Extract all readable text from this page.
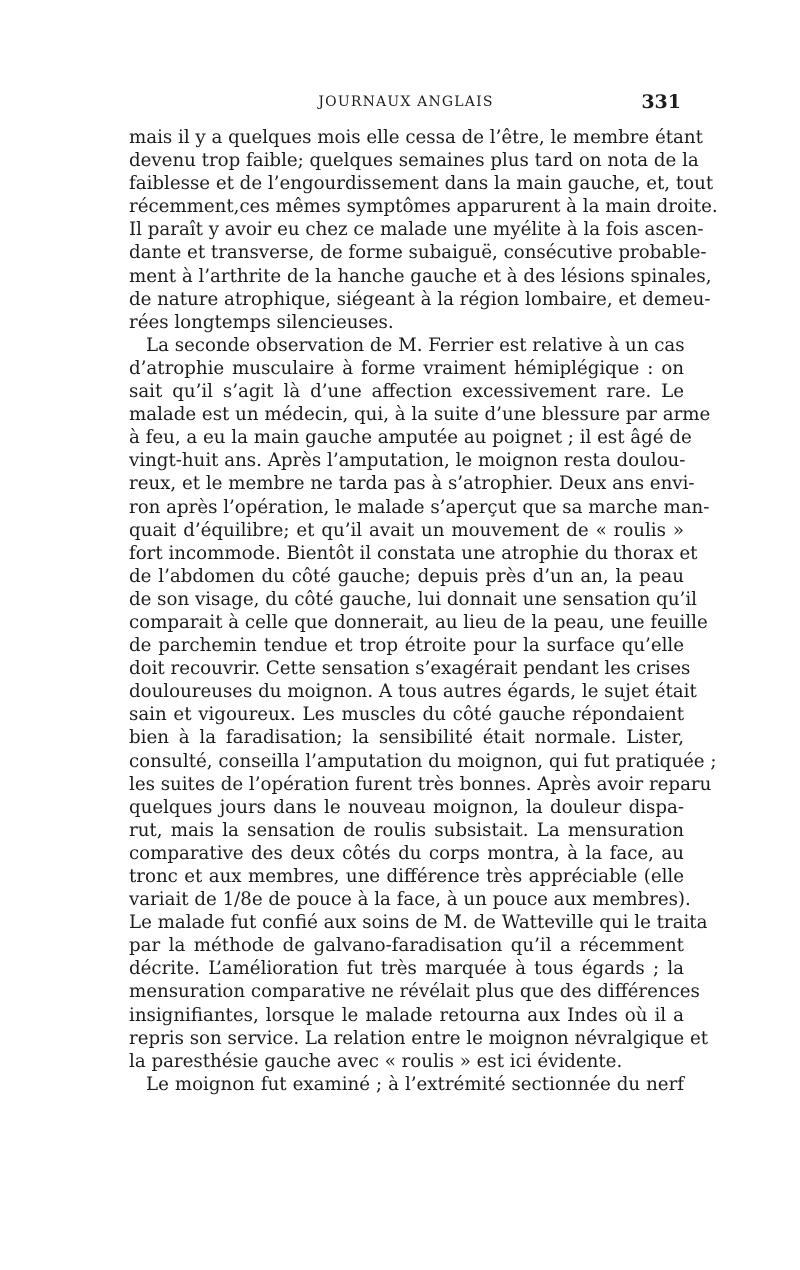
JOURNAUX ANGLAIS	331
mais il y a quelques mois elle cessa de l’être, le membre étant
devenu trop faible; quelques semaines plus tard on nota de la
faiblesse et de l’engourdissement dans la main gauche, et, tout
récemment,ces mêmes symptômes apparurent à la main droite.
Il paraît y avoir eu chez ce malade une myélite à la fois ascen-
dante et transverse, de forme subaiguë, consécutive probable-
ment à l’arthrite de la hanche gauche et à des lésions spinales,
de nature atrophique, siégeant à la région lombaire, et demeu-
rées longtemps silencieuses.
La seconde observation de M. Ferrier est relative à un cas
d’atrophie musculaire à forme vraiment hémiplégique : on
sait qu’il s’agit là d’une affection excessivement rare. Le
malade est un médecin, qui, à la suite d’une blessure par arme
à feu, a eu la main gauche amputée au poignet ; il est âgé de
vingt-huit ans. Après l’amputation, le moignon resta doulou-
reux, et le membre ne tarda pas à s’atrophier. Deux ans envi-
ron après l’opération, le malade s’aperçut que sa marche man-
quait d’équilibre; et qu’il avait un mouvement de « roulis »
fort incommode. Bientôt il constata une atrophie du thorax et
de l’abdomen du côté gauche; depuis près d’un an, la peau
de son visage, du côté gauche, lui donnait une sensation qu’il
comparait à celle que donnerait, au lieu de la peau, une feuille
de parchemin tendue et trop étroite pour la surface qu’elle
doit recouvrir. Cette sensation s’exagérait pendant les crises
douloureuses du moignon. A tous autres égards, le sujet était
sain et vigoureux. Les muscles du côté gauche répondaient
bien à la faradisation; la sensibilité était normale. Lister,
consulté, conseilla l’amputation du moignon, qui fut pratiquée ;
les suites de l’opération furent très bonnes. Après avoir reparu
quelques jours dans le nouveau moignon, la douleur dispa-
rut, mais la sensation de roulis subsistait. La mensuration
comparative des deux côtés du corps montra, à la face, au
tronc et aux membres, une différence très appréciable (elle
variait de 1/8e de pouce à la face, à un pouce aux membres).
Le malade fut confié aux soins de M. de Watteville qui le traita
par la méthode de galvano-faradisation qu’il a récemment
décrite. L’amélioration fut très marquée à tous égards ; la
mensuration comparative ne révélait plus que des différences
insignifiantes, lorsque le malade retourna aux Indes où il a
repris son service. La relation entre le moignon névralgique et
la paresthésie gauche avec « roulis » est ici évidente.
Le moignon fut examiné ; à l’extrémité sectionnée du nerf
